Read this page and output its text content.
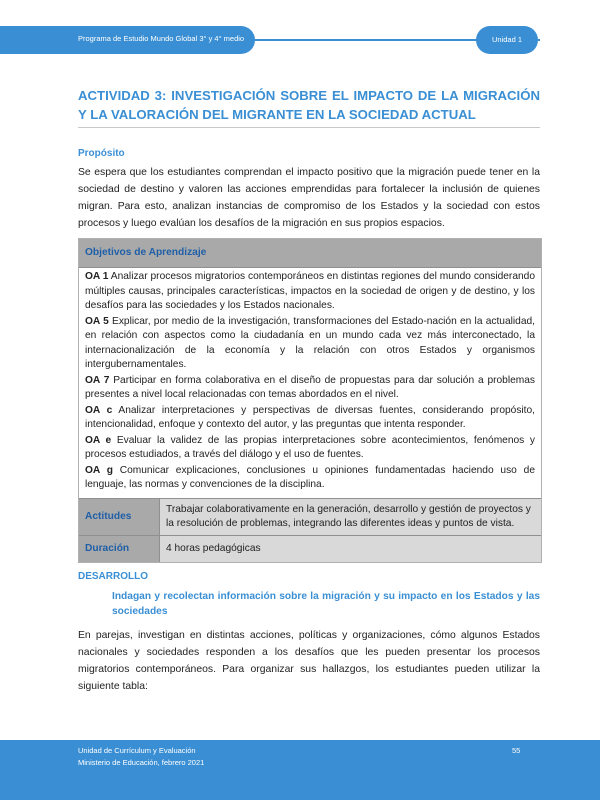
Programa de Estudio Mundo Global 3° y 4° medio	Unidad 1
ACTIVIDAD 3: INVESTIGACIÓN SOBRE EL IMPACTO DE LA MIGRACIÓN Y LA VALORACIÓN DEL MIGRANTE EN LA SOCIEDAD ACTUAL
Propósito

Se espera que los estudiantes comprendan el impacto positivo que la migración puede tener en la sociedad de destino y valoren las acciones emprendidas para fortalecer la inclusión de quienes migran. Para esto, analizan instancias de compromiso de los Estados y la sociedad con estos procesos y luego evalúan los desafíos de la migración en sus propios espacios.

Objetivos de Aprendizaje

OA 1 Analizar procesos migratorios contemporáneos en distintas regiones del mundo considerando múltiples causas, principales características, impactos en la sociedad de origen y de destino, y los desafíos para las sociedades y los Estados nacionales.

OA 5 Explicar, por medio de la investigación, transformaciones del Estado-nación en la actualidad, en relación con aspectos como la ciudadanía en un mundo cada vez más interconectado, la internacionalización de la economía y la relación con otros Estados y organismos intergubernamentales.

OA 7 Participar en forma colaborativa en el diseño de propuestas para dar solución a problemas presentes a nivel local relacionadas con temas abordados en el nivel.

OA c Analizar interpretaciones y perspectivas de diversas fuentes, considerando propósito, intencionalidad, enfoque y contexto del autor, y las preguntas que intenta responder.

OA e Evaluar la validez de las propias interpretaciones sobre acontecimientos, fenómenos y procesos estudiados, a través del diálogo y el uso de fuentes.

OA g Comunicar explicaciones, conclusiones u opiniones fundamentadas haciendo uso de lenguaje, las normas y convenciones de la disciplina.

Actitudes
Trabajar colaborativamente en la generación, desarrollo y gestión de proyectos y la resolución de problemas, integrando las diferentes ideas y puntos de vista.
Duración	4 horas pedagógicas
DESARROLLO
Indagan y recolectan información sobre la migración y su impacto en los Estados y las sociedades

En parejas, investigan en distintas acciones, políticas y organizaciones, cómo algunos Estados nacionales y sociedades responden a los desafíos que les pueden presentar los procesos migratorios contemporáneos. Para organizar sus hallazgos, los estudiantes pueden utilizar la siguiente tabla:

Unidad de Currículum y Evaluación
Ministerio de Educación, febrero 2021
55
